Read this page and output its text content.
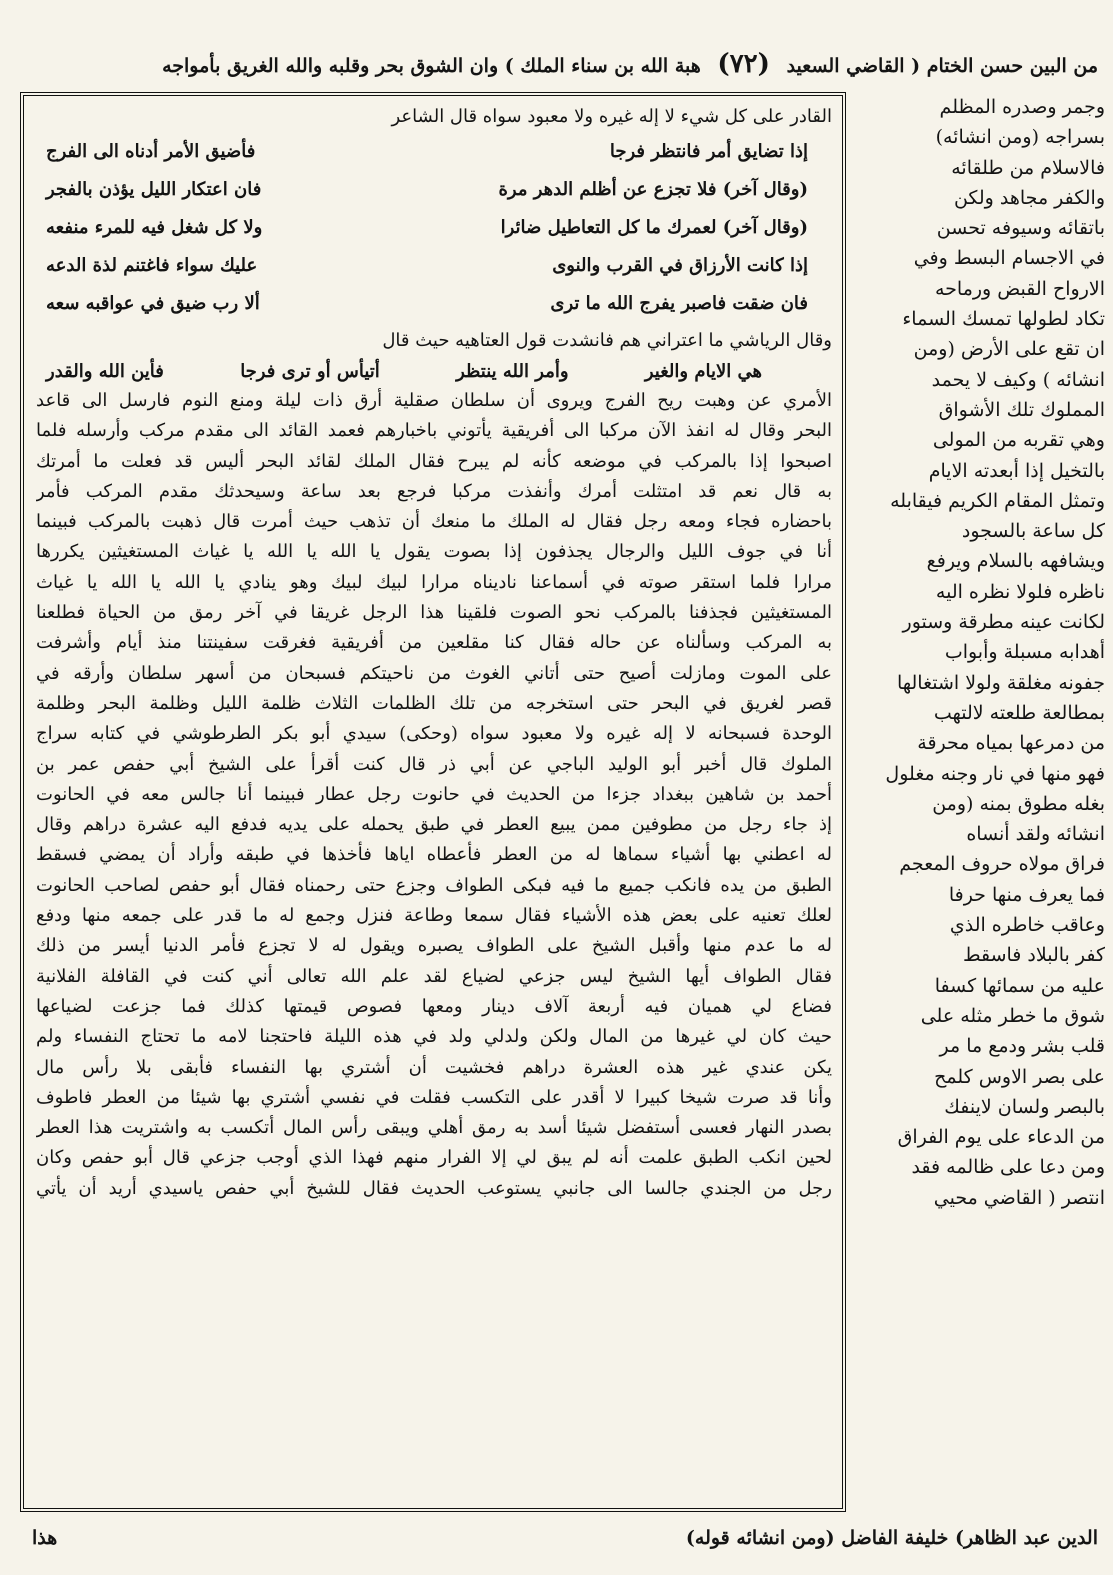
من البين حسن الختام ( القاضي السعيد (٧٢) هبة الله بن سناء الملك ) وان الشوق بحر وقلبه والله الغريق بأمواجه
وجمر وصدره المظلم
بسراجه (ومن انشائه)
فالاسلام من طلقائه
والكفر مجاهد ولكن
باتقائه وسيوفه تحسن
في الاجسام البسط وفي
الارواح القبض ورماحه
تكاد لطولها تمسك السماء
ان تقع على الأرض (ومن
انشائه ) وكيف لا يحمد
المملوك تلك الأشواق
وهي تقربه من المولى
بالتخيل إذا أبعدته الايام
وتمثل المقام الكريم فيقابله
كل ساعة بالسجود
ويشافهه بالسلام ويرفع
ناظره فلولا نظره اليه
لكانت عينه مطرقة وستور
أهدابه مسبلة وأبواب
جفونه مغلقة ولولا اشتغالها
بمطالعة طلعته لالتهب
من دمرعها بمياه محرقة
فهو منها في نار وجنه مغلول
بغله مطوق بمنه (ومن
انشائه ولقد أنساه
فراق مولاه حروف المعجم
فما يعرف منها حرفا
وعاقب خاطره الذي
كفر بالبلاد فاسقط
عليه من سمائها كسفا
شوق ما خطر مثله على
قلب بشر ودمع ما مر
على بصر الاوس كلمح
بالبصر ولسان لاينفك
من الدعاء على يوم الفراق
ومن دعا على ظالمه فقد
انتصر ( القاضي محيي
القادر على كل شيء لا إله غيره ولا معبود سواه قال الشاعر
إذا تضايق أمر فانتظر فرجا
فأضيق الأمر أدناه الى الفرج
(وقال آخر) فلا تجزع عن أظلم الدهر مرة
فان اعتكار الليل يؤذن بالفجر
(وقال آخر) لعمرك ما كل التعاطيل ضائرا
ولا كل شغل فيه للمرء منفعه
إذا كانت الأرزاق في القرب والنوى
عليك سواء فاغتنم لذة الدعه
فان ضقت فاصبر يفرج الله ما ترى
ألا رب ضيق في عواقبه سعه
وقال الرياشي ما اعتراني هم فانشدت قول العتاهيه حيث قال
هي الايام والغير
وأمر الله ينتظر
أتيأس أو ترى فرجا
فأين الله والقدر
الأمري عن وهبت ريح الفرج ويروى أن سلطان صقلية أرق ذات ليلة ومنع النوم فارسل الى قاعد
البحر وقال له انفذ الآن مركبا الى أفريقية يأتوني باخبارهم فعمد القائد الى مقدم مركب وأرسله فلما
اصبحوا إذا بالمركب في موضعه كأنه لم يبرح فقال الملك لقائد البحر أليس قد فعلت ما أمرتك
به قال نعم قد امتثلت أمرك وأنفذت مركبا فرجع بعد ساعة وسيحدثك مقدم المركب فأمر
باحضاره فجاء ومعه رجل فقال له الملك ما منعك أن تذهب حيث أمرت قال ذهبت بالمركب فبينما
أنا في جوف الليل والرجال يجذفون إذا بصوت يقول يا الله يا الله يا غياث المستغيثين يكررها
مرارا فلما استقر صوته في أسماعنا ناديناه مرارا لبيك لبيك وهو ينادي يا الله يا الله يا غياث
المستغيثين فجذفنا بالمركب نحو الصوت فلقينا هذا الرجل غريقا في آخر رمق من الحياة فطلعنا
به المركب وسألناه عن حاله فقال كنا مقلعين من أفريقية فغرقت سفينتنا منذ أيام وأشرفت
على الموت ومازلت أصيح حتى أتاني الغوث من ناحيتكم فسبحان من أسهر سلطان وأرقه في
قصر لغريق في البحر حتى استخرجه من تلك الظلمات الثلاث ظلمة الليل وظلمة البحر وظلمة
الوحدة فسبحانه لا إله غيره ولا معبود سواه (وحكى) سيدي أبو بكر الطرطوشي في كتابه سراج
الملوك قال أخبر أبو الوليد الباجي عن أبي ذر قال كنت أقرأ على الشيخ أبي حفص عمر بن
أحمد بن شاهين ببغداد جزءا من الحديث في حانوت رجل عطار فبينما أنا جالس معه في الحانوت
إذ جاء رجل من مطوفين ممن يبيع العطر في طبق يحمله على يديه فدفع اليه عشرة دراهم وقال
له اعطني بها أشياء سماها له من العطر فأعطاه اياها فأخذها في طبقه وأراد أن يمضي فسقط
الطبق من يده فانكب جميع ما فيه فبكى الطواف وجزع حتى رحمناه فقال أبو حفص لصاحب الحانوت
لعلك تعنيه على بعض هذه الأشياء فقال سمعا وطاعة فنزل وجمع له ما قدر على جمعه منها ودفع
له ما عدم منها وأقبل الشيخ على الطواف يصبره ويقول له لا تجزع فأمر الدنيا أيسر من ذلك
فقال الطواف أيها الشيخ ليس جزعي لضياع لقد علم الله تعالى أني كنت في القافلة الفلانية
فضاع لي هميان فيه أربعة آلاف دينار ومعها فصوص قيمتها كذلك فما جزعت لضياعها
حيث كان لي غيرها من المال ولكن ولدلي ولد في هذه الليلة فاحتجنا لامه ما تحتاج النفساء ولم
يكن عندي غير هذه العشرة دراهم فخشيت أن أشتري بها النفساء فأبقى بلا رأس مال
وأنا قد صرت شيخا كبيرا لا أقدر على التكسب فقلت في نفسي أشتري بها شيئا من العطر فاطوف
بصدر النهار فعسى أستفضل شيئا أسد به رمق أهلي ويبقى رأس المال أتكسب به واشتريت هذا العطر
لحين انكب الطبق علمت أنه لم يبق لي إلا الفرار منهم فهذا الذي أوجب جزعي قال أبو حفص وكان
رجل من الجندي جالسا الى جانبي يستوعب الحديث فقال للشيخ أبي حفص ياسيدي أريد أن يأتي
الدين عبد الظاهر) خليفة الفاضل (ومن انشائه قوله)
هذا
